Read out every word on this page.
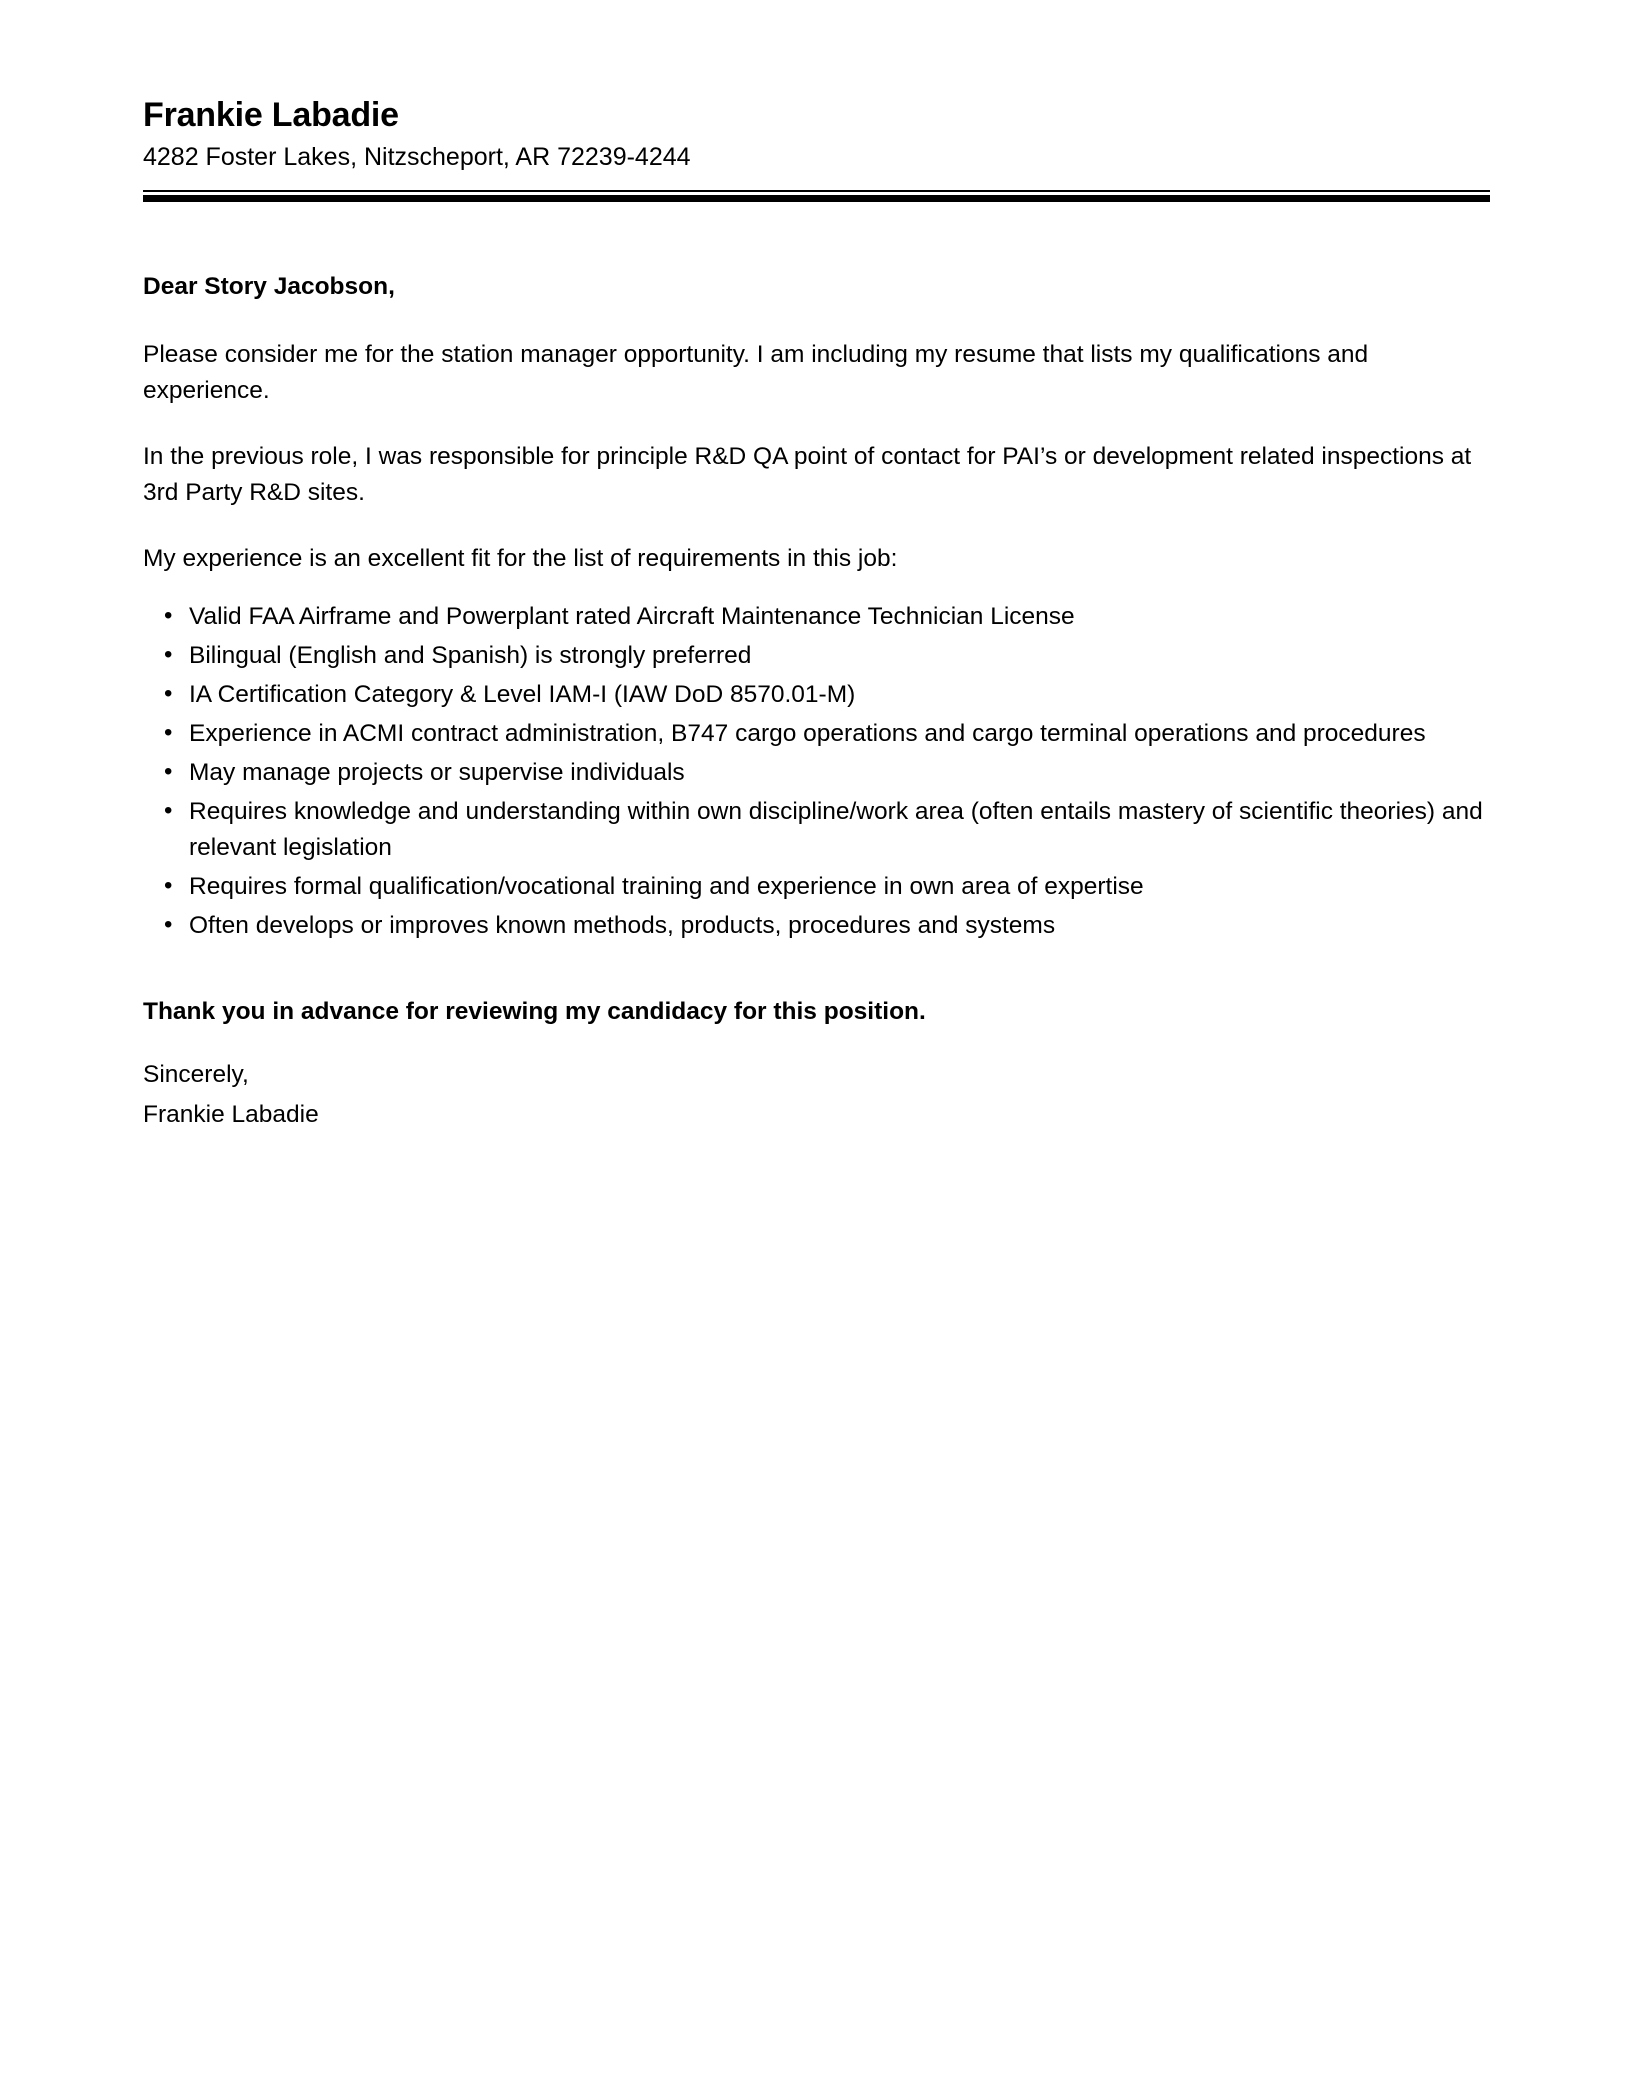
Frankie Labadie

4282 Foster Lakes, Nitzscheport, AR 72239-4244

Dear Story Jacobson,

Please consider me for the station manager opportunity. I am including my resume that lists my qualifications and experience.

In the previous role, I was responsible for principle R&D QA point of contact for PAI’s or development related inspections at 3rd Party R&D sites.

My experience is an excellent fit for the list of requirements in this job:

• Valid FAA Airframe and Powerplant rated Aircraft Maintenance Technician License
• Bilingual (English and Spanish) is strongly preferred
• IA Certification Category & Level IAM-I (IAW DoD 8570.01-M)
• Experience in ACMI contract administration, B747 cargo operations and cargo terminal operations and procedures
• May manage projects or supervise individuals
• Requires knowledge and understanding within own discipline/work area (often entails mastery of scientific theories) and relevant legislation
• Requires formal qualification/vocational training and experience in own area of expertise
• Often develops or improves known methods, products, procedures and systems

Thank you in advance for reviewing my candidacy for this position.

Sincerely,

Frankie Labadie
